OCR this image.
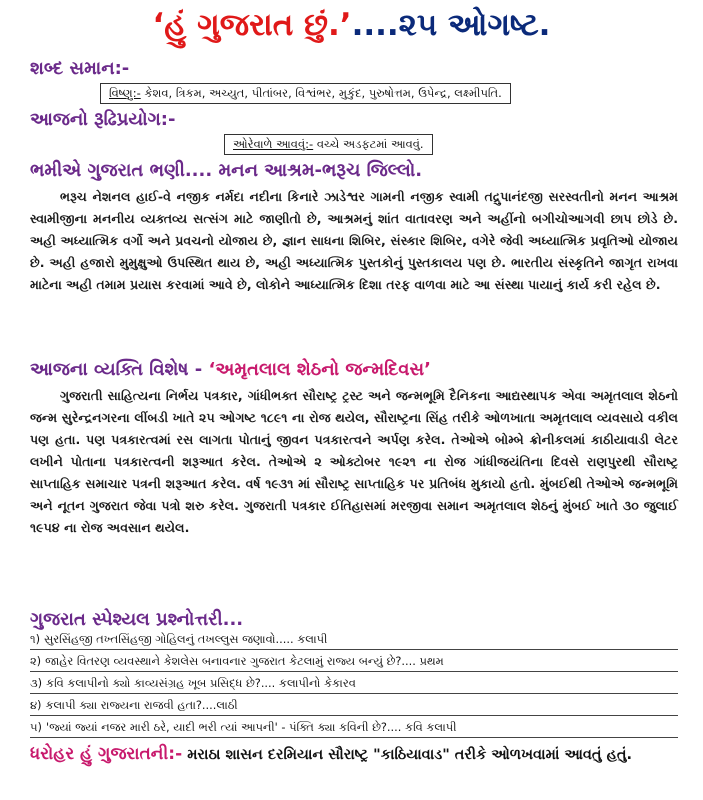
‘હું ગુજરાત છું.’....૨૫ ઓગષ્ટ.
શબ્દ સમાન:-
વિષ્ણુ:- કેશવ, ત્રિકમ, અચ્યુત, પીતાંબર, વિશ્વંભર, મુકુંદ, પુરુષોત્તમ, ઉપેન્દ્ર, લક્ષ્મીપતિ.
આજનો રૂઢિપ્રયોગ:-
ઓરેવાળે આવવું:- વચ્ચે અડફટમાં આવવું.
ભમીએ ગુજરાત ભણી.... મનન આશ્રમ-ભરૂચ જિલ્લો.
ભરૂચ નેશનલ હાઈ-વે નજીક નર્મદા નદીના કિનારે ઝાડેશ્વર ગામની નજીક સ્વામી તદ્રુપાનંદજી સરસ્વતીનો મનન આશ્રમ સ્વામીજીના મનનીય વ્યક્તવ્ય સત્સંગ માટે જાણીતો છે, આશ્રમનું શાંત વાતાવરણ અને અહીંનો બગીચોઆગવી છાપ છોડે છે. અહી અધ્યાત્મિક વર્ગો અને પ્રવચનો યોજાય છે, જ્ઞાન સાધના શિબિર, સંસ્કાર શિબિર, વગેરે જેવી અધ્યાત્મિક પ્રવૃતિઓ યોજાય છે. અહી હજારો મુમુક્ષુઓ ઉપસ્થિત થાય છે, અહી અધ્યાત્મિક પુસ્તકોનું પુસ્તકાલય પણ છે. ભારતીય સંસ્કૃતિને જાગૃત રાખવા માટેના અહી તમામ પ્રયાસ કરવામાં આવે છે, લોકોને આધ્યાત્મિક દિશા તરફ વાળવા માટે આ સંસ્થા પાયાનું કાર્ય કરી રહેલ છે.
આજના વ્યક્તિ વિશેષ - ‘અમૃતલાલ શેઠનો જન્મદિવસ’
ગુજરાતી સાહિત્યના નિર્ભય પત્રકાર, ગાંધીભક્ત સૌરાષ્ટ્ર ટ્રસ્ટ અને જન્મભૂમિ દૈનિકના આદ્યસ્થાપક એવા અમૃતલાલ શેઠનો જન્મ સુરેન્દ્રનગરના લીંબડી ખાતે ૨૫ ઓગષ્ટ ૧૮૯૧ ના રોજ થયેલ, સૌરાષ્ટ્રના સિંહ તરીકે ઓળખાતા અમૃતલાલ વ્યવસાયે વકીલ પણ હતા. પણ પત્રકારત્વમાં રસ લાગતા પોતાનું જીવન પત્રકારત્વને અર્પણ કરેલ. તેઓએ બોમ્બે ક્રોનીકલમાં કાઠીયાવાડી લેટર લખીને પોતાના પત્રકારત્વની શરૂઆત કરેલ. તેઓએ ૨ ઓક્ટોબર ૧૯૨૧ ના રોજ ગાંધીજયંતિના દિવસે રાણપુરથી સૌરાષ્ટ્ર સાપ્તાહિક સમાચાર પત્રની શરૂઆત કરેલ. વર્ષ ૧૯૩૧ માં સૌરાષ્ટ્ર સાપ્તાહિક પર પ્રતિબંધ મુકાયો હતો. મુંબઈથી તેઓએ જન્મભૂમિ અને નૂતન ગુજરાત જેવા પત્રો શરુ કરેલ. ગુજરાતી પત્રકાર ઈતિહાસમાં મરજીવા સમાન અમૃતલાલ શેઠનું મુંબઈ ખાતે ૩૦ જુલાઈ ૧૯૫૪ ના રોજ અવસાન થયેલ.
ગુજરાત સ્પેશ્યલ પ્રશ્નોત્તરી...
૧) સુરસિંહજી તખ્તસિંહજી ગોહિલનું તખલ્લુસ જણાવો..... કલાપી
૨) જાહેર વિતરણ વ્યવસ્થાને કેશલેસ બનાવનાર ગુજરાત કેટલામું રાજ્ય બન્યું છે?.... પ્રથમ
૩) કવિ કલાપીનો ક્યો કાવ્યસંગ્રહ ખૂબ પ્રસિદ્ધ છે?.... કલાપીનો કેકારવ
૪) કલાપી ક્યા રાજ્યના રાજવી હતા?....લાઠી
૫) 'જ્યાં જ્યાં નજર મારી ઠરે, યાદી ભરી ત્યાં આપની' - પંક્તિ ક્યા કવિની છે?.... કવિ કલાપી
ધરોહર હું ગુજરાતની:- મરાઠા શાસન દરમિયાન સૌરાષ્ટ્ર "કાઠિયાવાડ" તરીકે ઓળખવામાં આવતું હતું.
